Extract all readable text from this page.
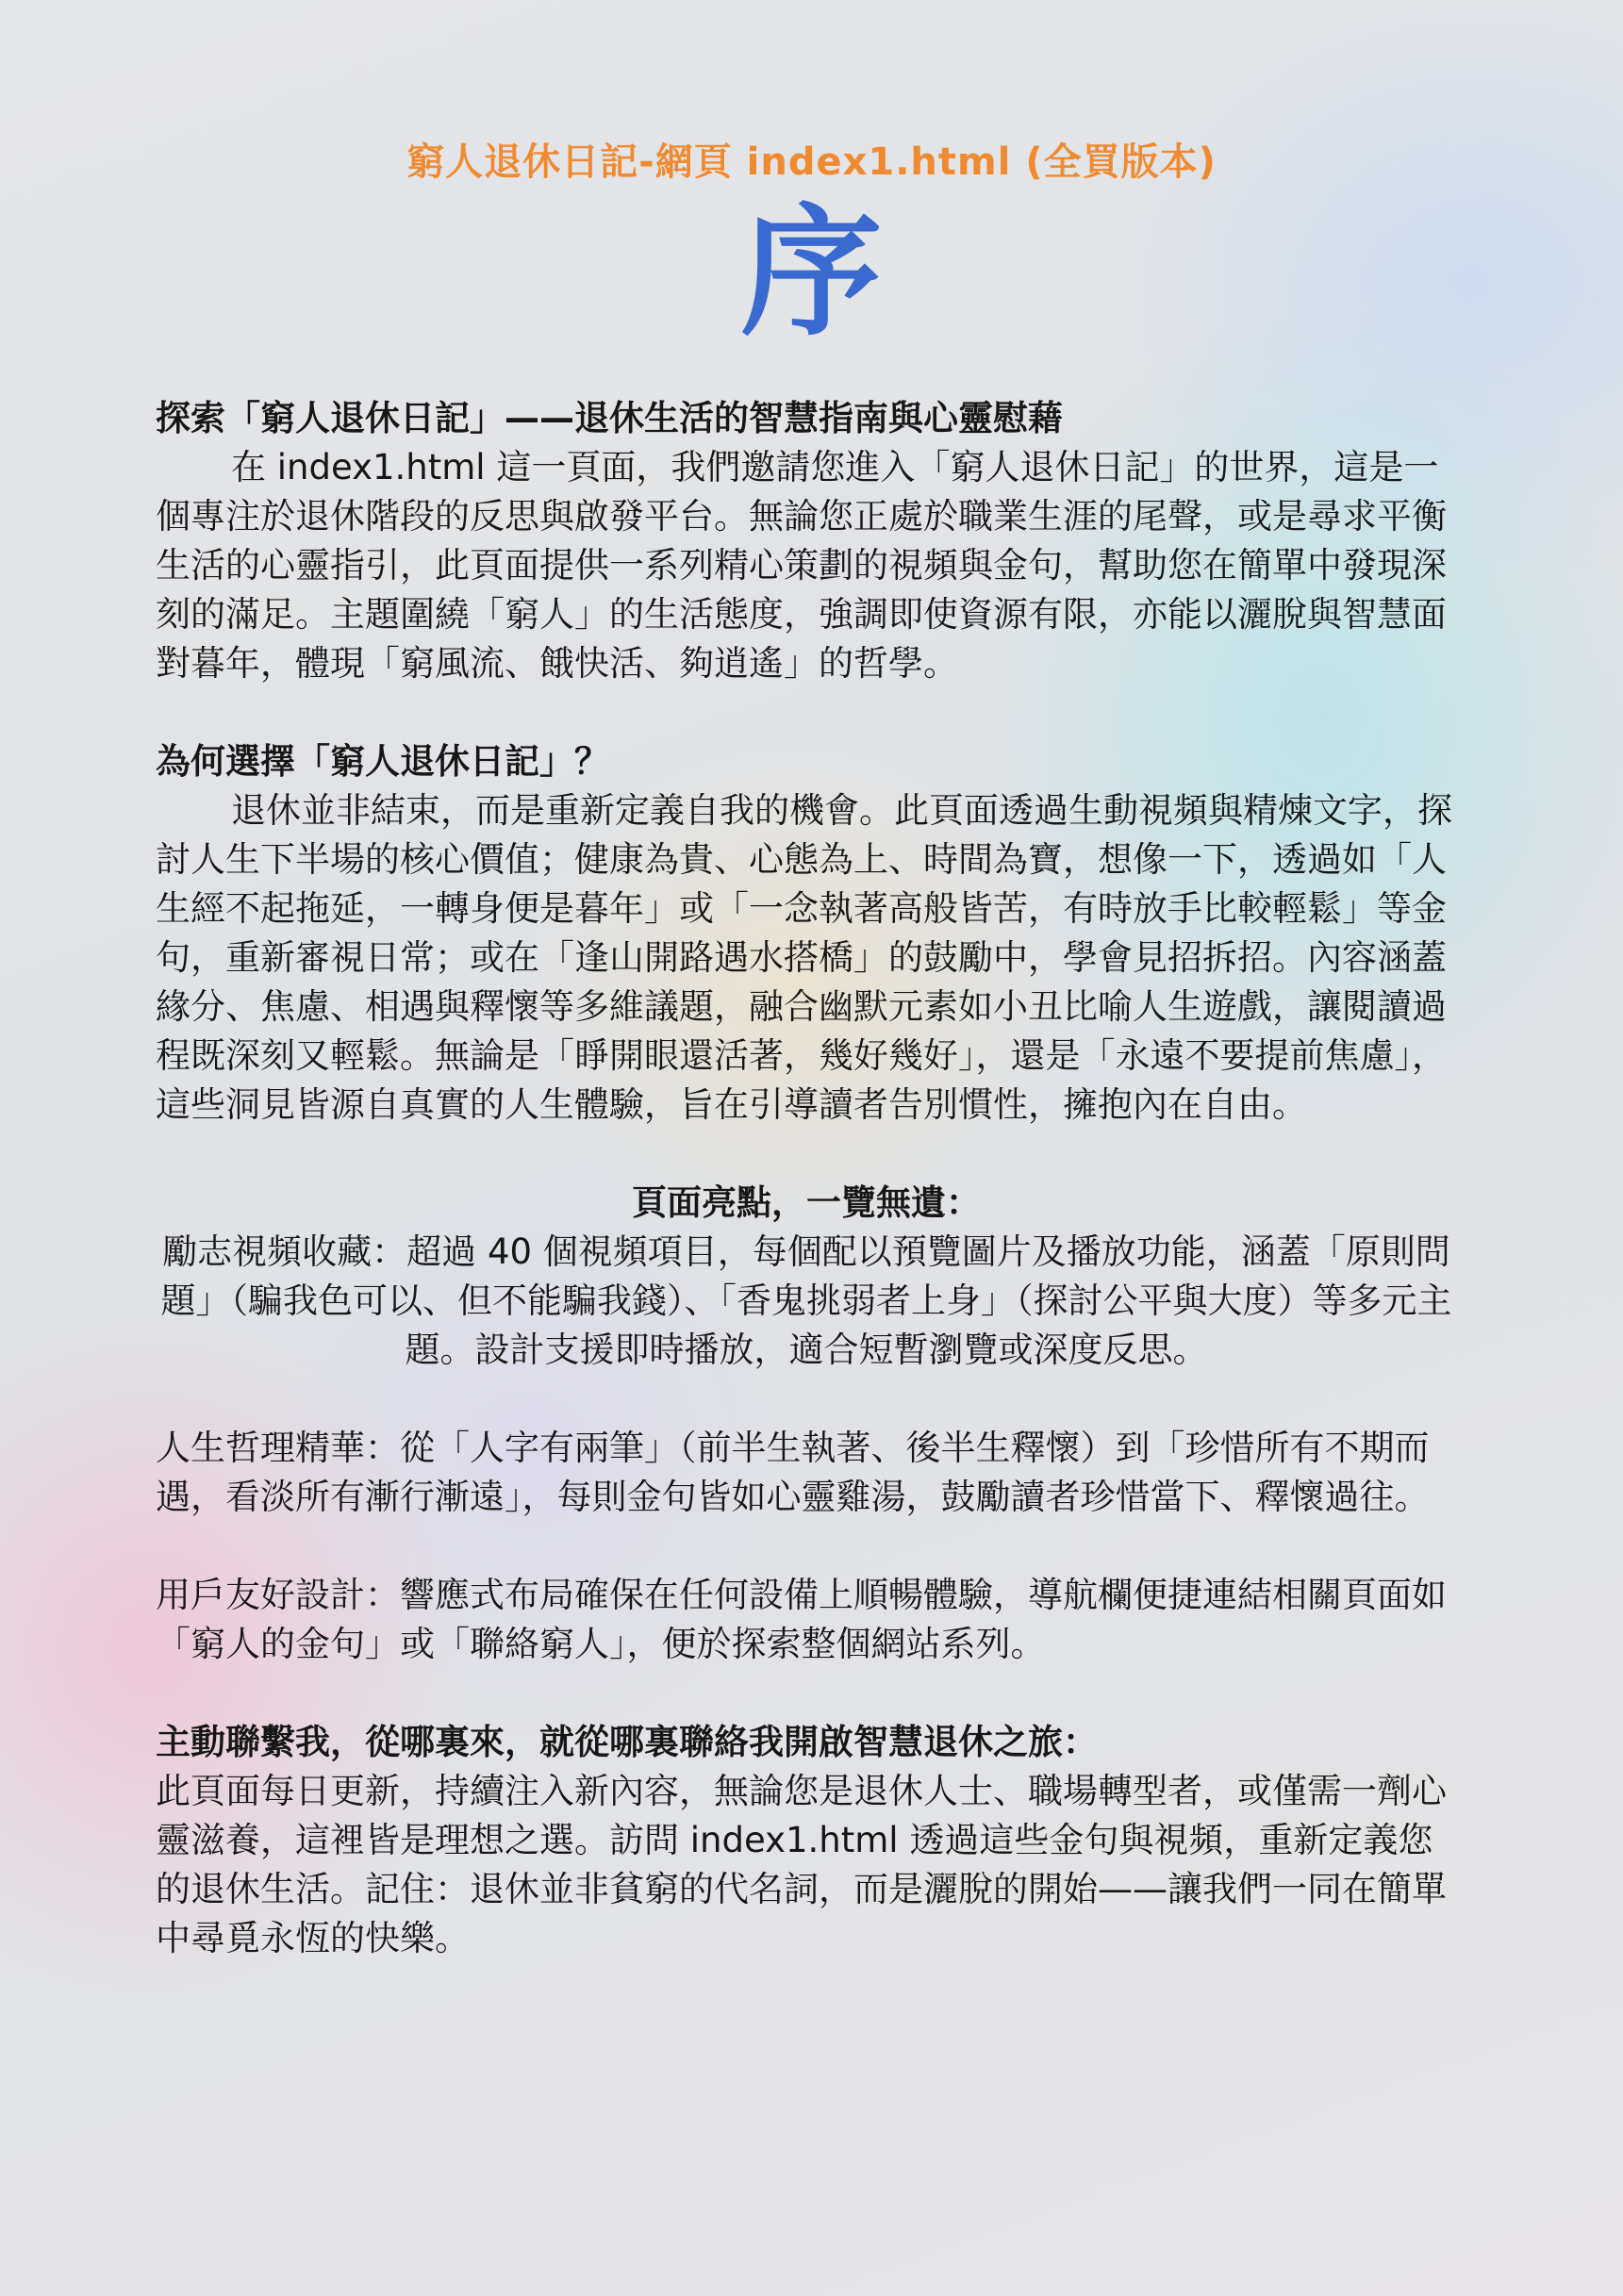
窮人退休日記-網頁 index1.html (全買版本)
序

探索「窮人退休日記」——退休生活的智慧指南與心靈慰藉

在 index1.html 這一頁面，我們邀請您進入「窮人退休日記」的世界，這是一個專注於退休階段的反思與啟發平台。無論您正處於職業生涯的尾聲，或是尋求平衡生活的心靈指引，此頁面提供一系列精心策劃的視頻與金句，幫助您在簡單中發現深刻的滿足。主題圍繞「窮人」的生活態度，強調即使資源有限，亦能以灑脫與智慧面對暮年，體現「窮風流、餓快活、夠逍遙」的哲學。

為何選擇「窮人退休日記」？

退休並非結束，而是重新定義自我的機會。此頁面透過生動視頻與精煉文字，探討人生下半場的核心價值；健康為貴、心態為上、時間為寶，想像一下，透過如「人生經不起拖延，一轉身便是暮年」或「一念執著高般皆苦，有時放手比較輕鬆」等金句，重新審視日常；或在「逢山開路遇水搭橋」的鼓勵中，學會見招拆招。內容涵蓋緣分、焦慮、相遇與釋懷等多維議題，融合幽默元素如小丑比喻人生遊戲，讓閱讀過程既深刻又輕鬆。無論是「睜開眼還活著，幾好幾好」，還是「永遠不要提前焦慮」，這些洞見皆源自真實的人生體驗，旨在引導讀者告別慣性，擁抱內在自由。

頁面亮點，一覽無遺：

勵志視頻收藏：超過 40 個視頻項目，每個配以預覽圖片及播放功能，涵蓋「原則問題」（騙我色可以、但不能騙我錢）、「香鬼挑弱者上身」（探討公平與大度）等多元主題。設計支援即時播放，適合短暫瀏覽或深度反思。

人生哲理精華：從「人字有兩筆」（前半生執著、後半生釋懷）到「珍惜所有不期而遇，看淡所有漸行漸遠」，每則金句皆如心靈雞湯，鼓勵讀者珍惜當下、釋懷過往。

用戶友好設計：響應式布局確保在任何設備上順暢體驗，導航欄便捷連結相關頁面如「窮人的金句」或「聯絡窮人」，便於探索整個網站系列。

主動聯繫我，從哪裏來，就從哪裏聯絡我開啟智慧退休之旅：

此頁面每日更新，持續注入新內容，無論您是退休人士、職場轉型者，或僅需一劑心靈滋養，這裡皆是理想之選。訪問 index1.html 透過這些金句與視頻，重新定義您的退休生活。記住：退休並非貧窮的代名詞，而是灑脫的開始——讓我們一同在簡單中尋覓永恆的快樂。
